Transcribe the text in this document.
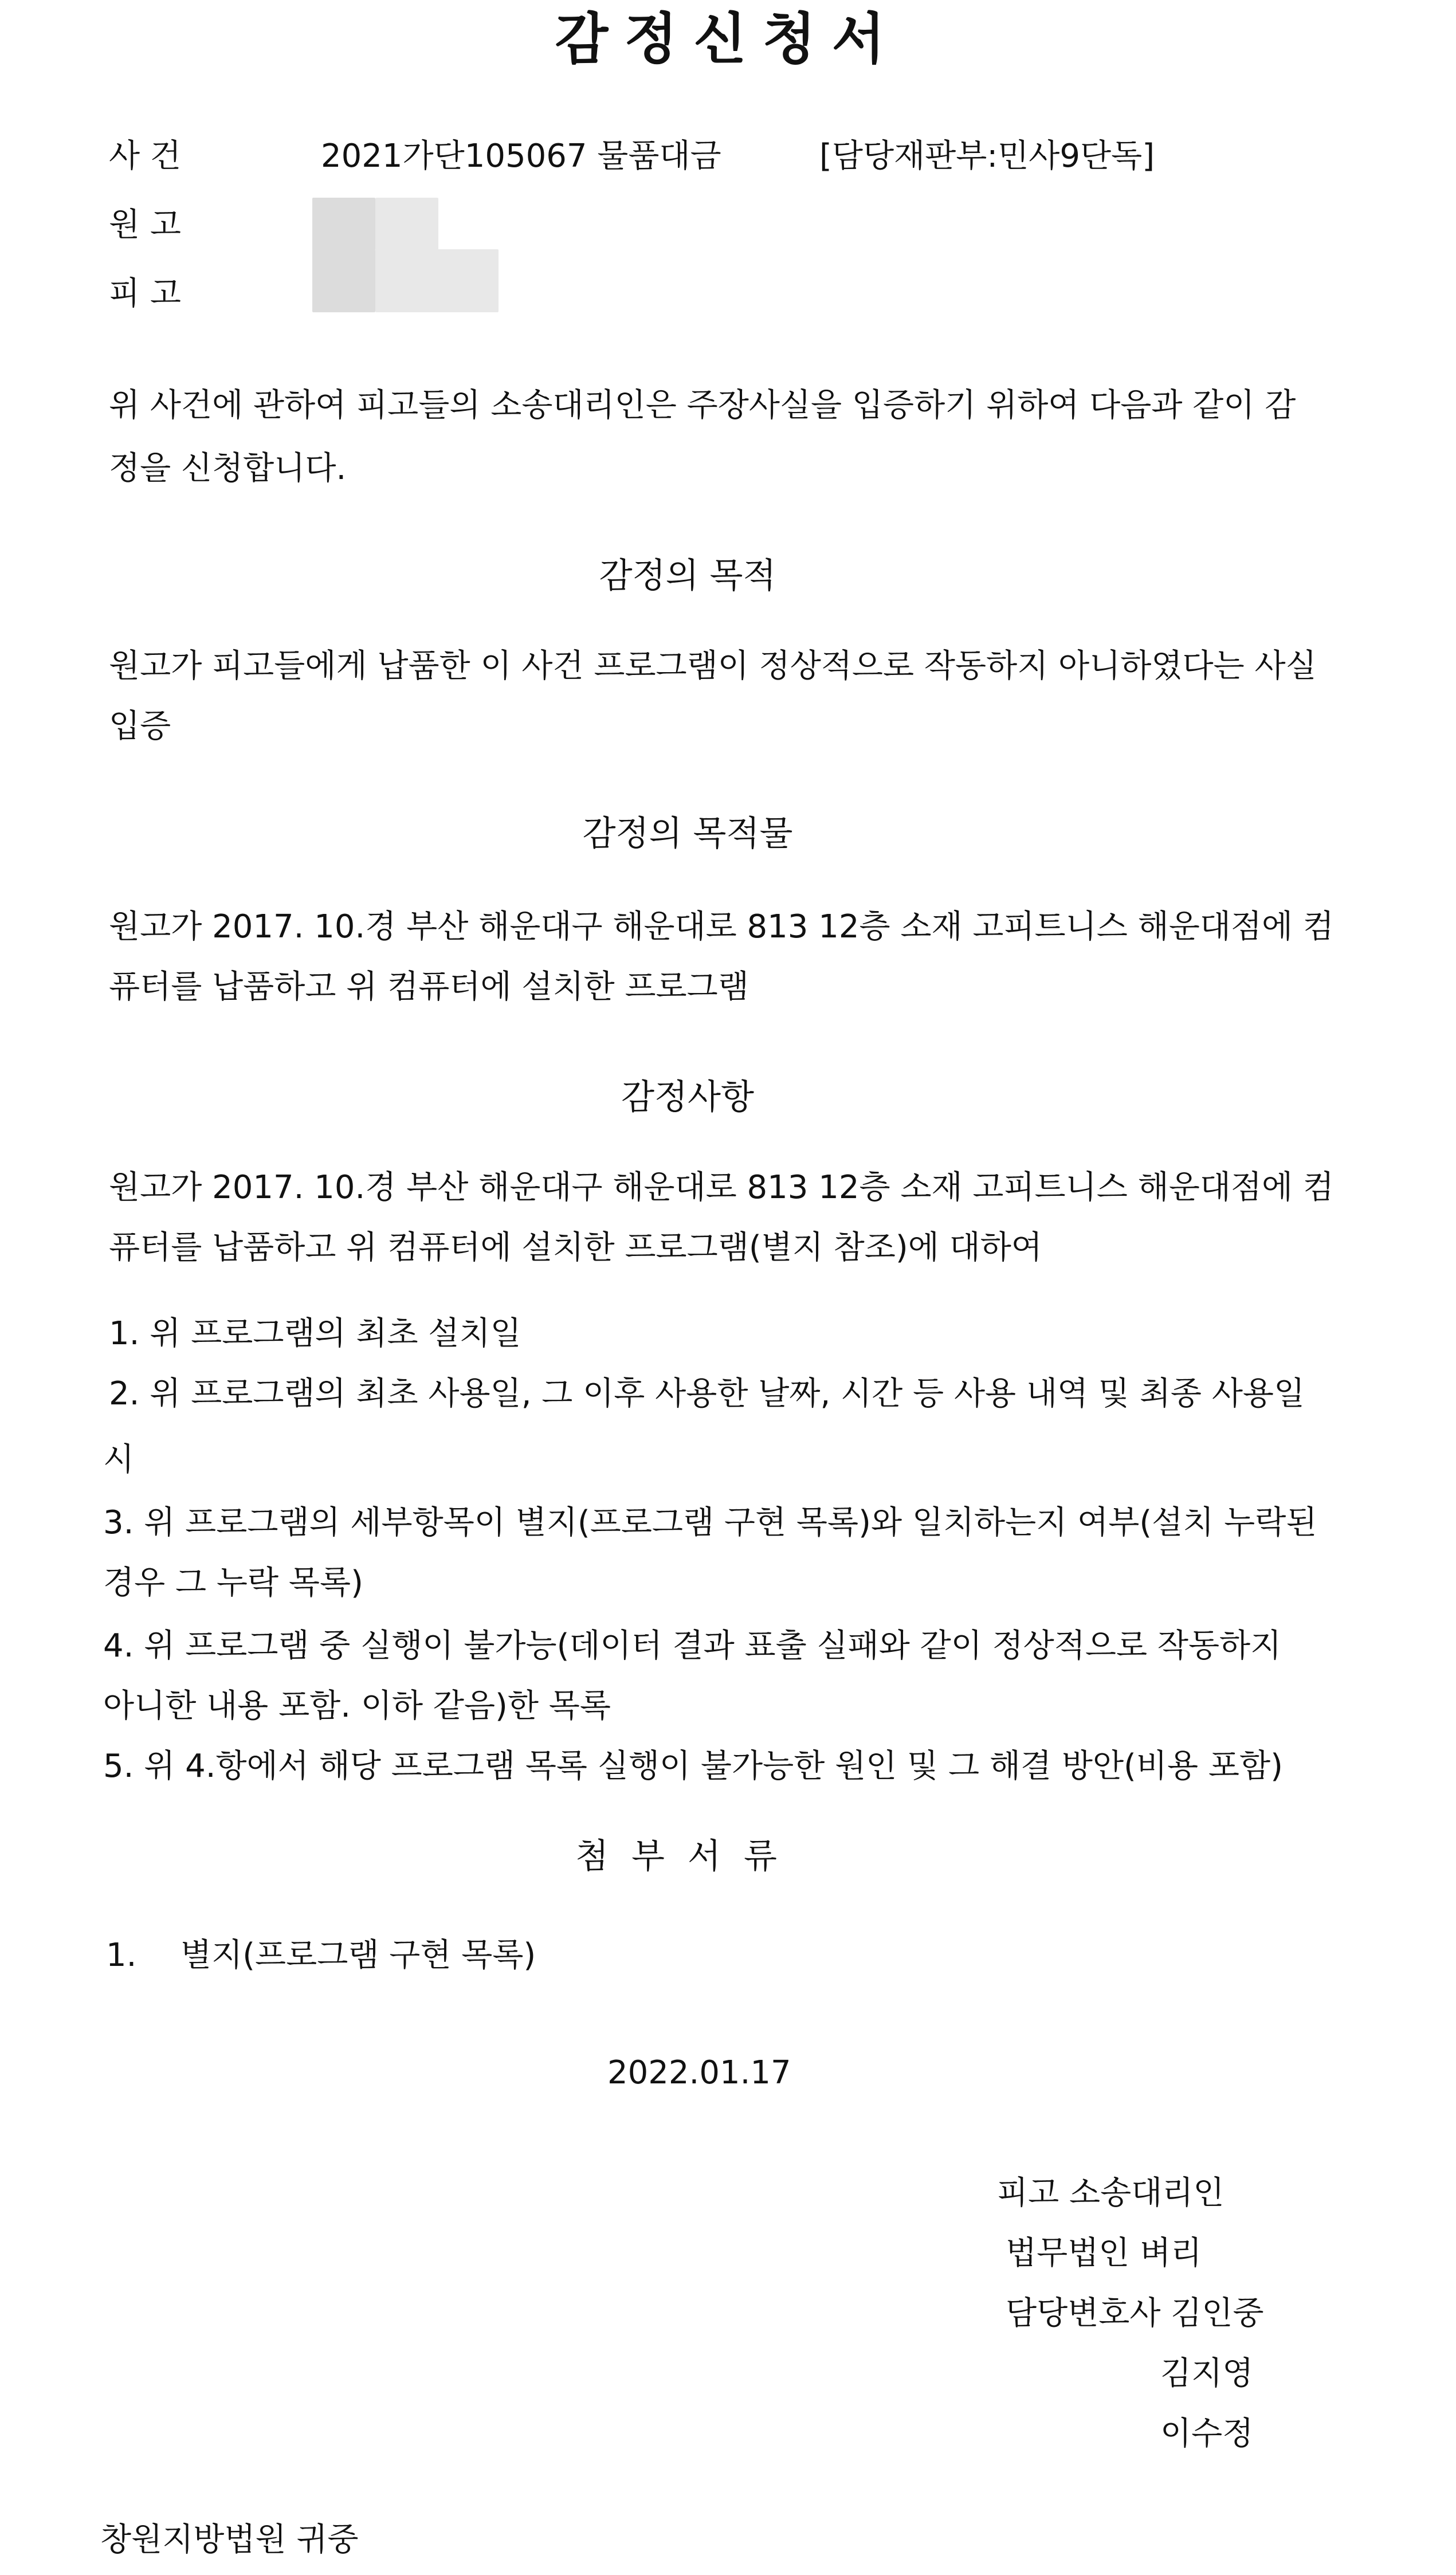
감정신청서
사 건	2021가단105067 물품대금	[담당재판부:민사9단독]
원 고
피 고
위 사건에 관하여 피고들의 소송대리인은 주장사실을 입증하기 위하여 다음과 같이 감
정을 신청합니다.
감정의 목적
원고가 피고들에게 납품한 이 사건 프로그램이 정상적으로 작동하지 아니하였다는 사실
입증
감정의 목적물
원고가 2017. 10.경 부산 해운대구 해운대로 813 12층 소재 고피트니스 해운대점에 컴
퓨터를 납품하고 위 컴퓨터에 설치한 프로그램
감정사항
원고가 2017. 10.경 부산 해운대구 해운대로 813 12층 소재 고피트니스 해운대점에 컴
퓨터를 납품하고 위 컴퓨터에 설치한 프로그램(별지 참조)에 대하여
1. 위 프로그램의 최초 설치일
2. 위 프로그램의 최초 사용일, 그 이후 사용한 날짜, 시간 등 사용 내역 및 최종 사용일
시
3. 위 프로그램의 세부항목이 별지(프로그램 구현 목록)와 일치하는지 여부(설치 누락된
경우 그 누락 목록)
4. 위 프로그램 중 실행이 불가능(데이터 결과 표출 실패와 같이 정상적으로 작동하지
아니한 내용 포함. 이하 같음)한 목록
5. 위 4.항에서 해당 프로그램 목록 실행이 불가능한 원인 및 그 해결 방안(비용 포함)
첨부서류
1. 별지(프로그램 구현 목록)
2022.01.17
피고 소송대리인
법무법인 벼리
담당변호사 김인중
김지영
이수정
창원지방법원 귀중
